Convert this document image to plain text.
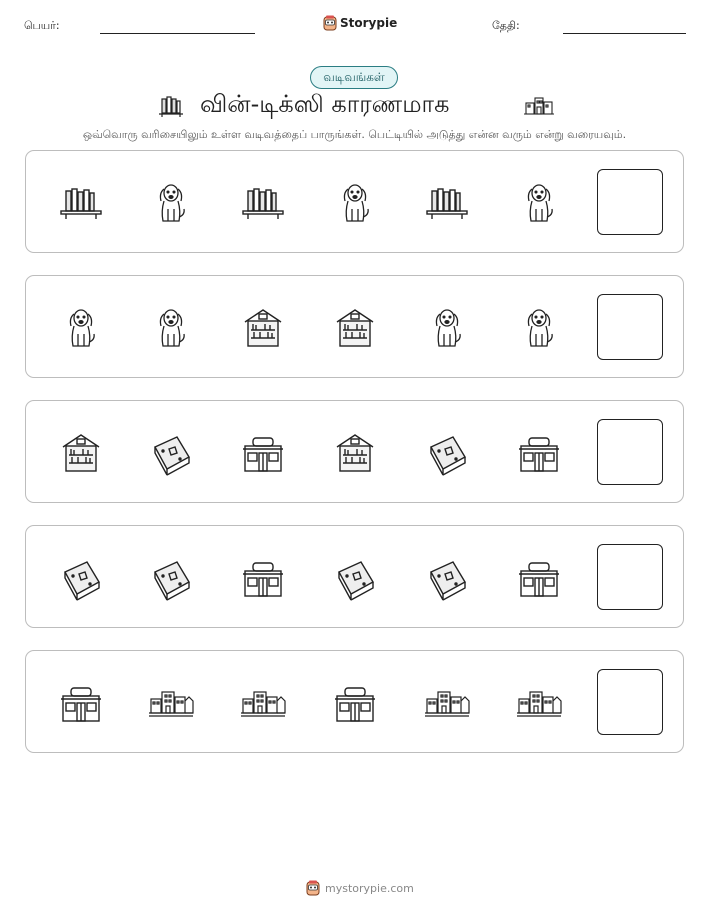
பெயர்:	Storypie	தேதி:
வடிவங்கள்
வின்-டிக்ஸி காரணமாக
ஒவ்வொரு வரிசையிலும் உள்ள வடிவத்தைப் பாருங்கள். பெட்டியில் அடுத்து என்ன வரும் என்று வரையவும்.
mystorypie.com
